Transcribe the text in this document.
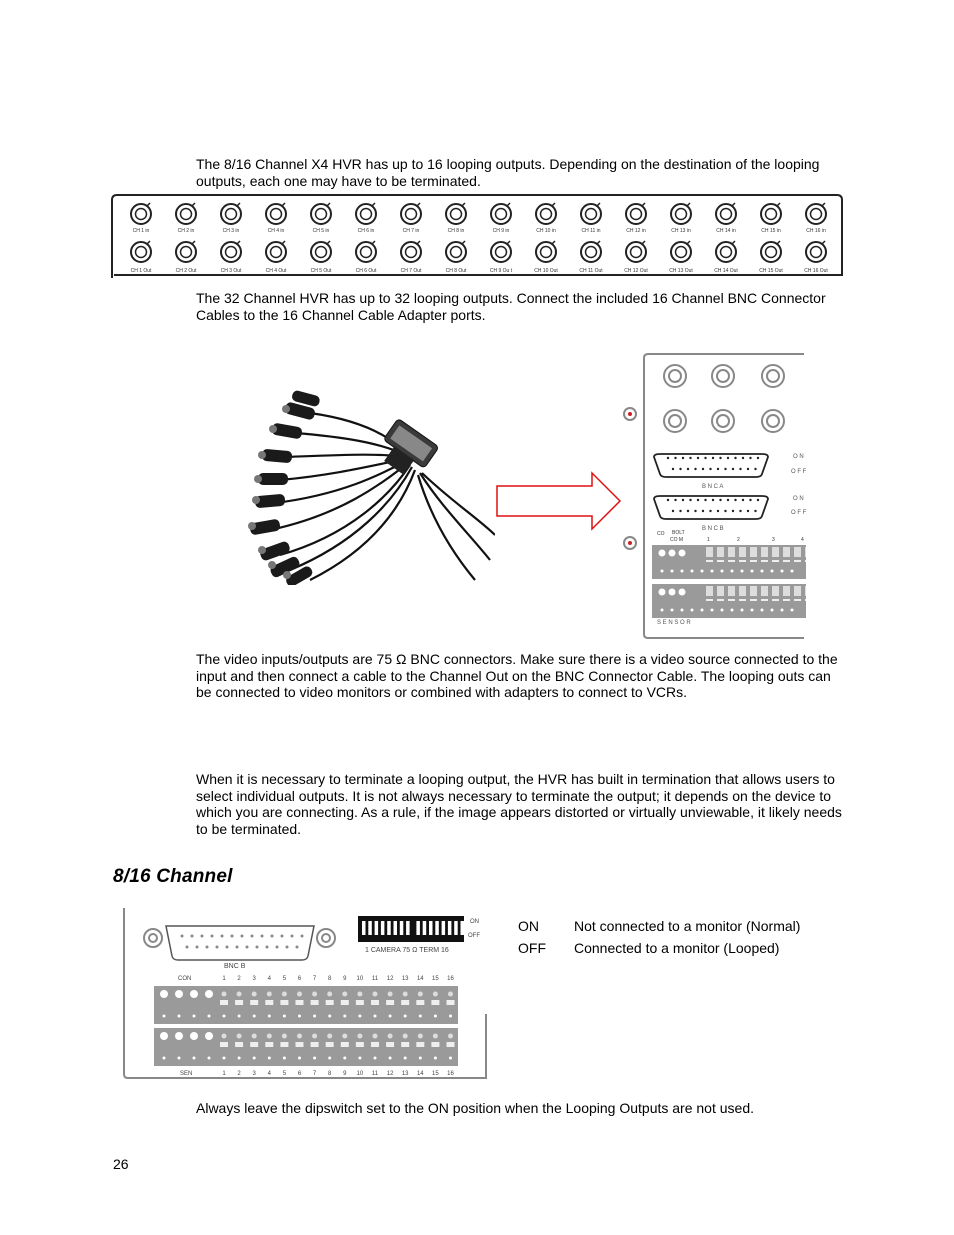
The 8/16 Channel X4 HVR has up to 16 looping outputs. Depending on the destination of the looping outputs, each one may have to be terminated.

CH 1 in	CH 2 in	CH 3 in	CH 4 in	CH 5 in	CH 6 in	CH 7 in	CH 8 in	CH 9 in	CH 10 in	CH 11 in	CH 12 in	CH 13 in	CH 14 in	CH 15 in	CH 16 in
CH 1 Out	CH 2 Out	CH 3 Out	CH 4 Out	CH 5 Out	CH 6 Out	CH 7 Out	CH 8 Out	CH 9 Ou t	CH 10 Out	CH 11 Out	CH 12 Out	CH 13 Out	CH 14 Out	CH 15 Out	CH 16 Out

The 32 Channel HVR has up to 32 looping outputs. Connect the included 16 Channel BNC Connector Cables to the 16 Channel Cable Adapter ports.

O N
O F F
O N
O F F
B N C A
B N C B
CO BOLT
CO M	1	2	3	4
S E N S O R

The video inputs/outputs are 75 Ω BNC connectors. Make sure there is a video source connected to the input and then connect a cable to the Channel Out on the BNC Connector Cable. The looping outs can be connected to video monitors or combined with adapters to connect to VCRs.

When it is necessary to terminate a looping output, the HVR has built in termination that allows users to select individual outputs. It is not always necessary to terminate the output; it depends on the device to which you are connecting. As a rule, if the image appears distorted or virtually unviewable, it likely needs to be terminated.

8/16 Channel
ON
OFF
1 CAMERA 75 Ω TERM 16
BNC B
CON	1 2 3 4 5 6 7 8 9 10 11 12 13 14 15 16
SEN	1 2 3 4 5 6 7 8 9 10 11 12 13 14 15 16
ON	Not connected to a monitor (Normal)
OFF Connected to a monitor (Looped)

Always leave the dipswitch set to the ON position when the Looping Outputs are not used.

26
